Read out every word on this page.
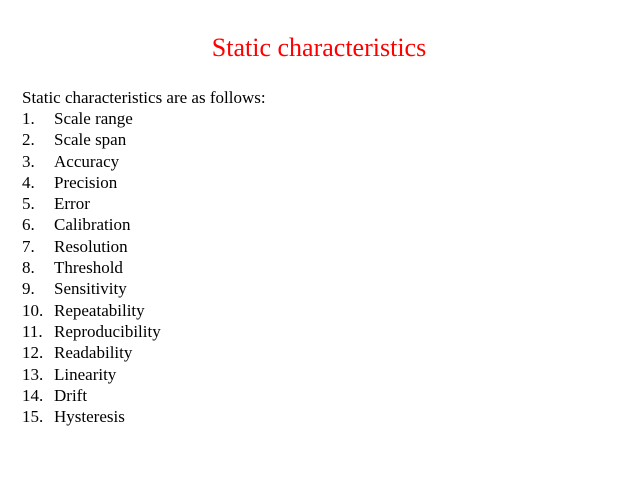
Static characteristics

Static characteristics are as follows:

1.	Scale range
2.	Scale span
3.	Accuracy
4.	Precision
5.	Error
6.	Calibration
7.	Resolution
8.	Threshold
9.	Sensitivity
10. Repeatability
11. Reproducibility
12. Readability
13. Linearity
14. Drift
15. Hysteresis
